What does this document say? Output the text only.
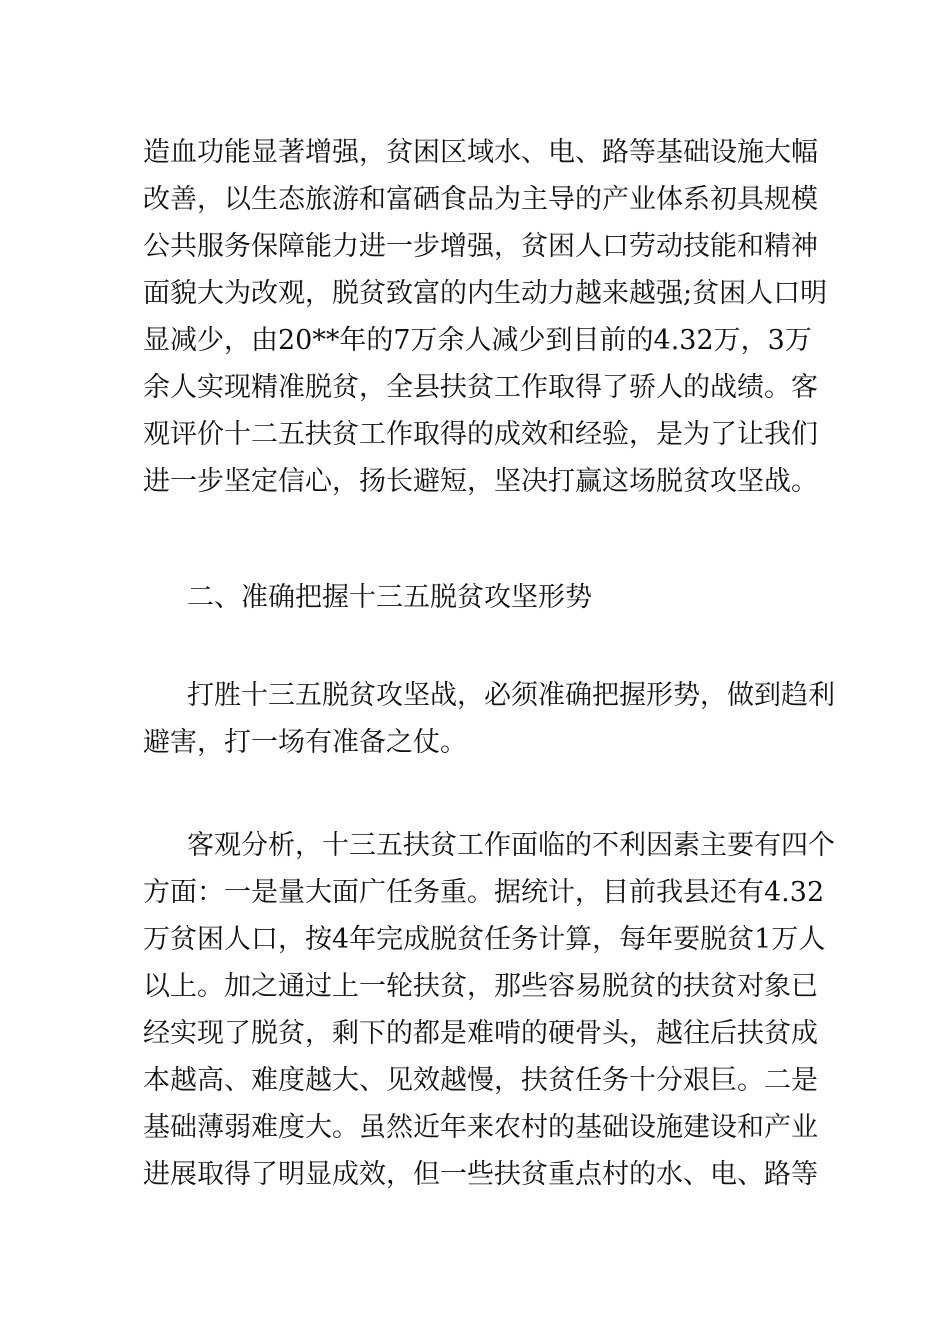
造血功能显著增强，贫困区域水、电、路等基础设施大幅
改善，以生态旅游和富硒食品为主导的产业体系初具规模
公共服务保障能力进一步增强，贫困人口劳动技能和精神
面貌大为改观，脱贫致富的内生动力越来越强;贫困人口明
显减少，由20**年的7万余人减少到目前的4.32万，3万
余人实现精准脱贫，全县扶贫工作取得了骄人的战绩。客
观评价十二五扶贫工作取得的成效和经验，是为了让我们
进一步坚定信心，扬长避短，坚决打赢这场脱贫攻坚战。
二、准确把握十三五脱贫攻坚形势
打胜十三五脱贫攻坚战，必须准确把握形势，做到趋利
避害，打一场有准备之仗。
客观分析，十三五扶贫工作面临的不利因素主要有四个
方面：一是量大面广任务重。据统计，目前我县还有4.32
万贫困人口，按4年完成脱贫任务计算，每年要脱贫1万人
以上。加之通过上一轮扶贫，那些容易脱贫的扶贫对象已
经实现了脱贫，剩下的都是难啃的硬骨头，越往后扶贫成
本越高、难度越大、见效越慢，扶贫任务十分艰巨。二是
基础薄弱难度大。虽然近年来农村的基础设施建设和产业
进展取得了明显成效，但一些扶贫重点村的水、电、路等
